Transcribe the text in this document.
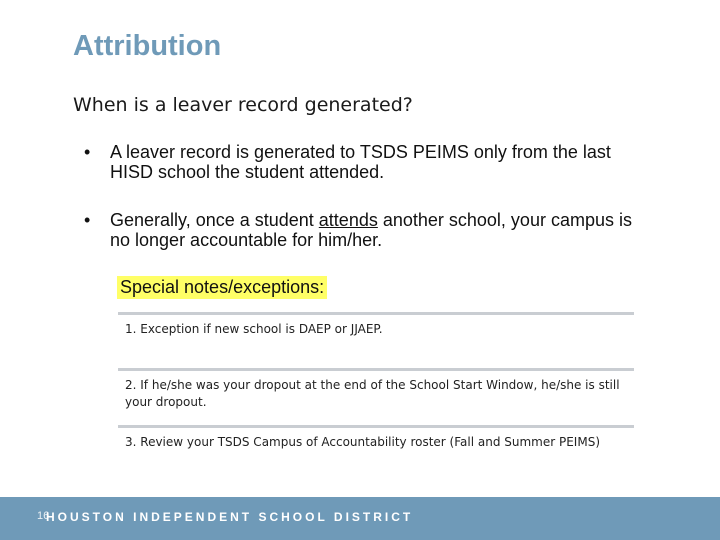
Attribution
When is a leaver record generated?
•	A leaver record is generated to TSDS PEIMS only from the last HISD school the student attended.
•	Generally, once a student attends another school, your campus is no longer accountable for him/her.
Special notes/exceptions:
1. Exception if new school is DAEP or JJAEP.
2. If he/she was your dropout at the end of the School Start Window, he/she is still your dropout.
3. Review your TSDS Campus of Accountability roster (Fall and Summer PEIMS)
16
HOUSTON INDEPENDENT SCHOOL DISTRICT
